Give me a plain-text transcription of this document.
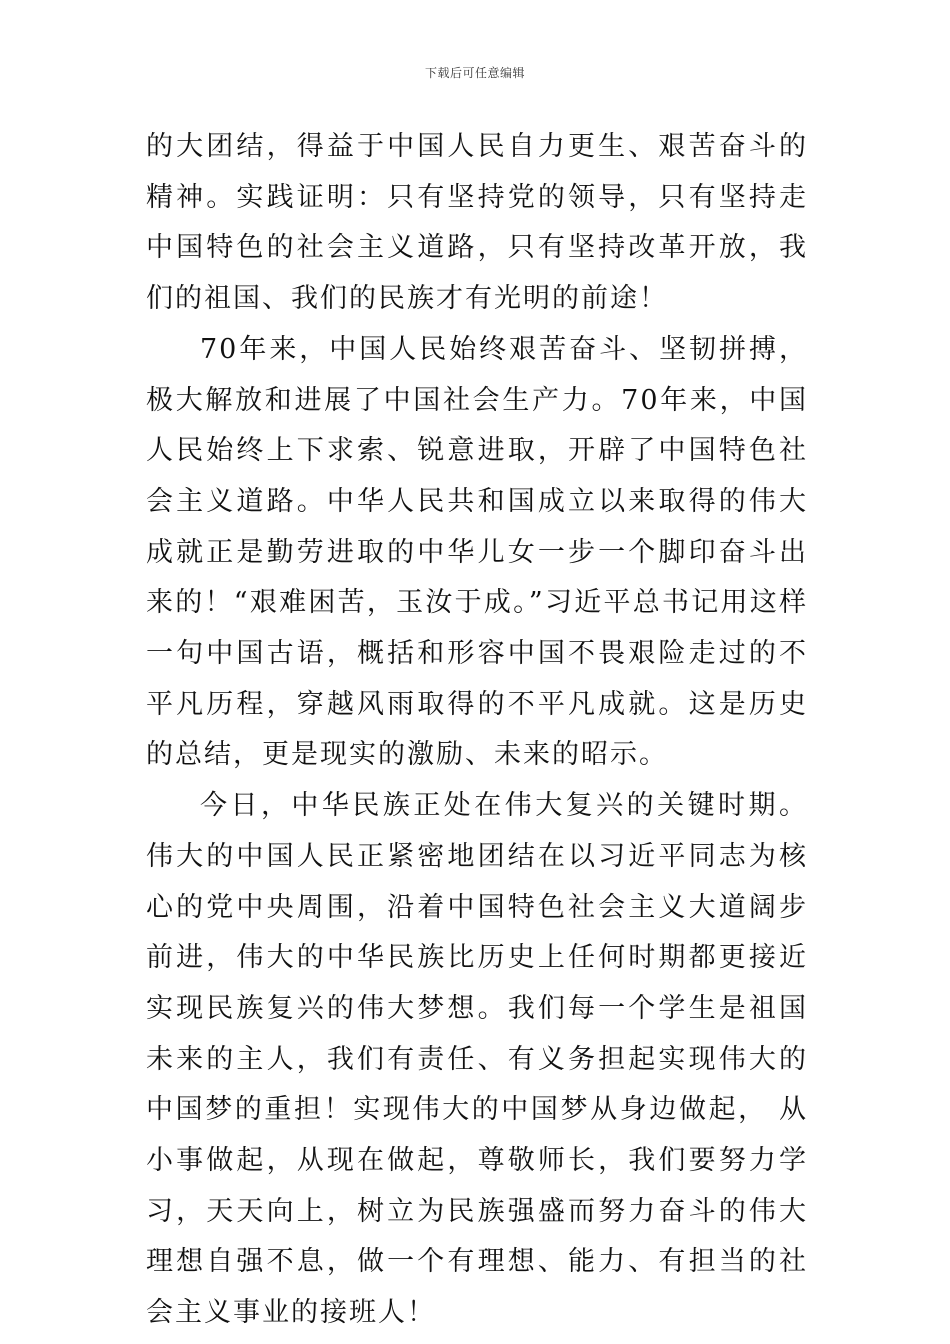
下载后可任意编辑

的大团结，得益于中国人民自力更生、艰苦奋斗的精神。实践证明：只有坚持党的领导，只有坚持走中国特色的社会主义道路，只有坚持改革开放，我们的祖国、我们的民族才有光明的前途！

70年来，中国人民始终艰苦奋斗、坚韧拼搏，极大解放和进展了中国社会生产力。70年来，中国人民始终上下求索、锐意进取，开辟了中国特色社会主义道路。中华人民共和国成立以来取得的伟大成就正是勤劳进取的中华儿女一步一个脚印奋斗出来的！“艰难困苦，玉汝于成。”习近平总书记用这样一句中国古语，概括和形容中国不畏艰险走过的不平凡历程，穿越风雨取得的不平凡成就。这是历史的总结，更是现实的激励、未来的昭示。

今日，中华民族正处在伟大复兴的关键时期。伟大的中国人民正紧密地团结在以习近平同志为核心的党中央周围，沿着中国特色社会主义大道阔步前进，伟大的中华民族比历史上任何时期都更接近实现民族复兴的伟大梦想。我们每一个学生是祖国未来的主人，我们有责任、有义务担起实现伟大的中国梦的重担！实现伟大的中国梦从身边做起， 从小事做起，从现在做起，尊敬师长，我们要努力学习，天天向上，树立为民族强盛而努力奋斗的伟大理想自强不息，做一个有理想、能力、有担当的社会主义事业的接班人！
